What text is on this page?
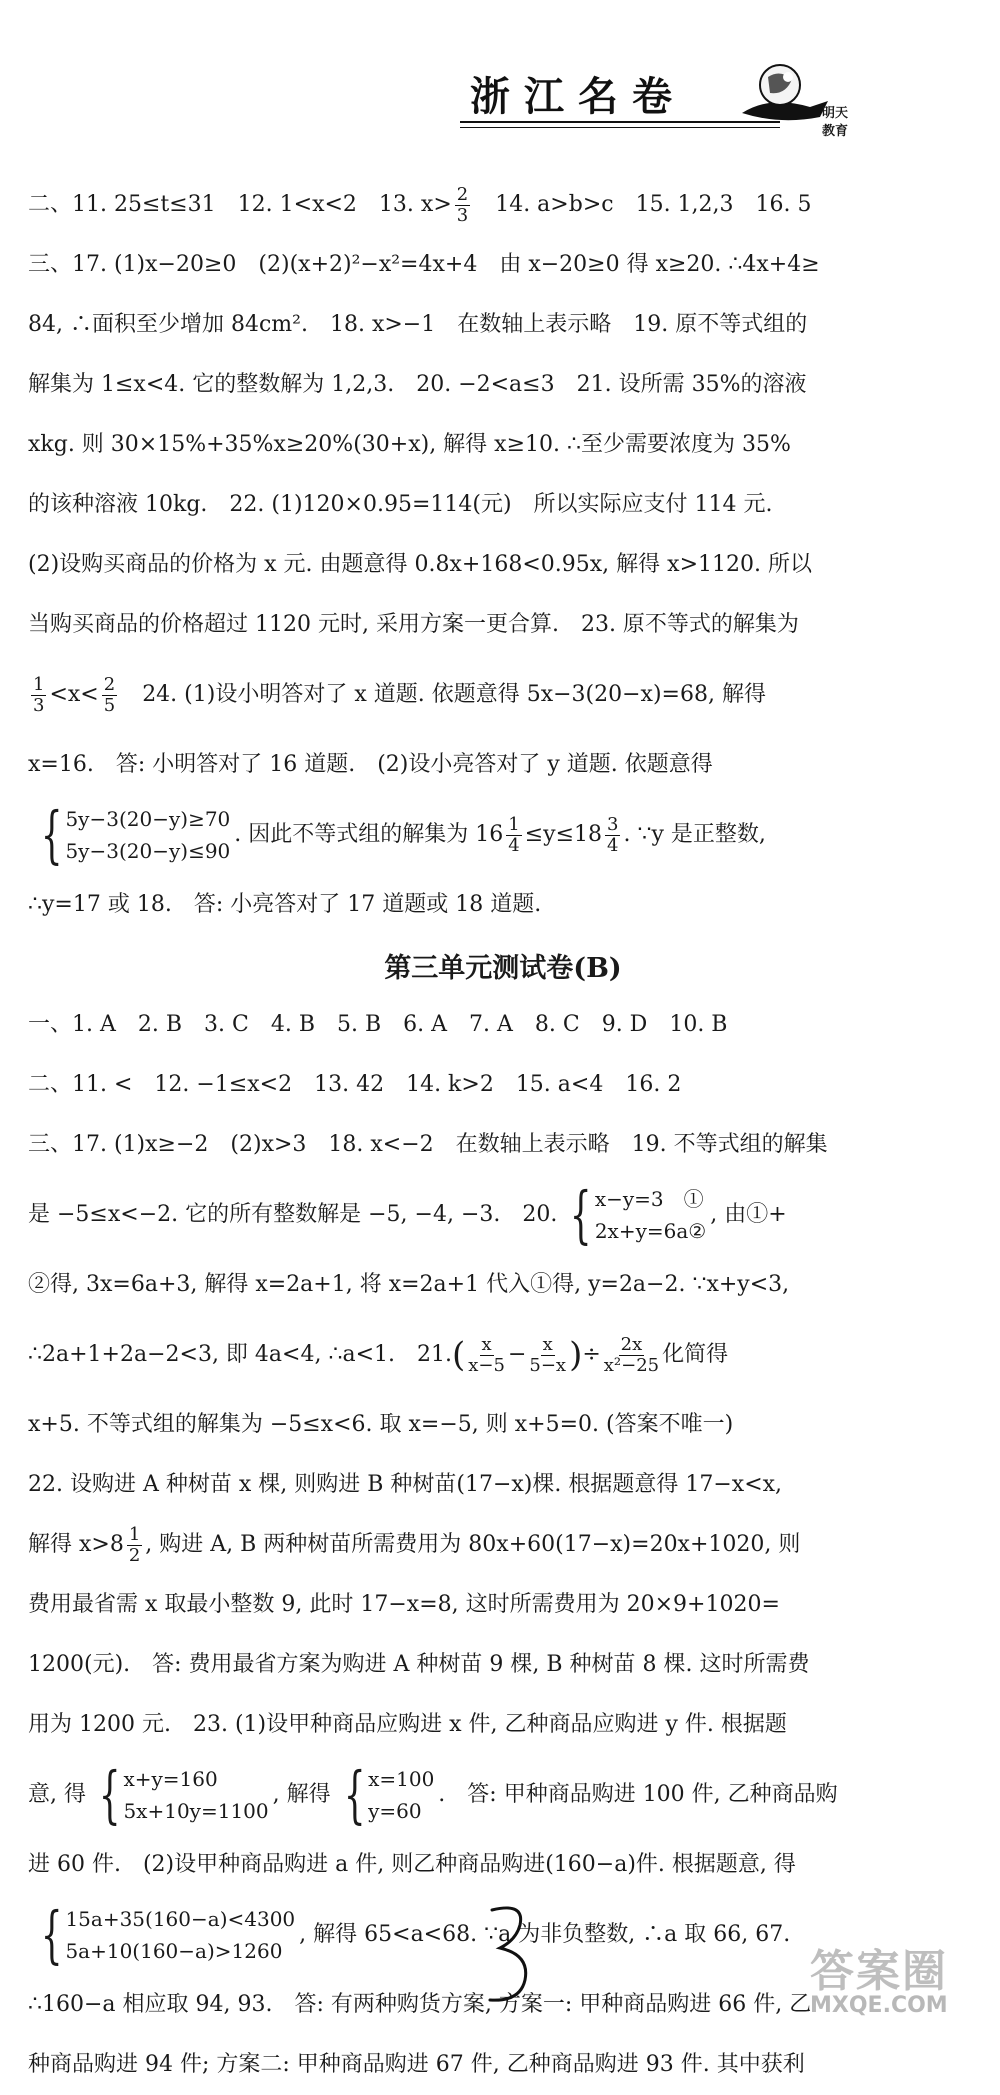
浙江名卷	明天
教育
二、11. 25≤t≤31　12. 1<x<2　13. $x> \frac{2}{3}$ 　14. a>b>c　15. 1,2,3　16. 5
三、17. (1)x−20≥0　(2)(x+2)²−x²=4x+4　由 x−20≥0 得 x≥20. ∴4x+4≥
84, ∴面积至少增加 84cm².　18. x>−1　在数轴上表示略　19. 原不等式组的
解集为 1≤x<4. 它的整数解为 1,2,3.　20. −2<a≤3　21. 设所需 35%的溶液
xkg. 则 30×15%+35%x≥20%(30+x), 解得 x≥10. ∴至少需要浓度为 35%
的该种溶液 10kg.　22. (1)120×0.95=114(元)　所以实际应支付 114 元.
(2)设购买商品的价格为 x 元. 由题意得 0.8x+168<0.95x, 解得 x>1120. 所以
当购买商品的价格超过 1120 元时, 采用方案一更合算.　23. 原不等式的解集为
$\frac{1}{3} <x< \frac{2}{5}$ 　24. (1)设小明答对了 x 道题. 依题意得 5x−3(20−x)=68, 解得
x=16.　答: 小明答对了 16 道题.　(2)设小亮答对了 y 道题. 依题意得
{ 5y−3(20−y)≥70
5y−3(20−y)≤90
. 因此不等式组的解集为 $16 \frac{1}{4} \le y\le 18 \frac{3}{4}$ . ∵y 是正整数,
∴y=17 或 18.　答: 小亮答对了 17 道题或 18 道题.
第三单元测试卷(B)
一、1. A　2. B　3. C　4. B　5. B　6. A　7. A　8. C　9. D　10. B
二、11. <　12. −1≤x<2　13. 42　14. k>2　15. a<4　16. 2
三、17. (1)x≥−2　(2)x>3　18. x<−2　在数轴上表示略　19. 不等式组的解集
是 −5≤x<−2. 它的所有整数解是 −5, −4, −3.　20. { x−y=3　①
2x+y=6a②
, 由①+
②得, 3x=6a+3, 解得 x=2a+1, 将 x=2a+1 代入①得, y=2a−2. ∵x+y<3,
∴2a+1+2a−2<3, 即 4a<4, ∴a<1.　21. ( $\frac{x}{x-5} - \frac{x}{5-x}$ ) ÷ $\frac{2x}{\text{x²−25}}$ 化简得
x+5. 不等式组的解集为 −5≤x<6. 取 x=−5, 则 x+5=0. (答案不唯一)
22. 设购进 A 种树苗 x 棵, 则购进 B 种树苗(17−x)棵. 根据题意得 17−x<x,
解得 $x>8 \frac{1}{2}$ , 购进 A, B 两种树苗所需费用为 80x+60(17−x)=20x+1020, 则
费用最省需 x 取最小整数 9, 此时 17−x=8, 这时所需费用为 20×9+1020=
1200(元).　答: 费用最省方案为购进 A 种树苗 9 棵, B 种树苗 8 棵. 这时所需费
用为 1200 元.　23. (1)设甲种商品应购进 x 件, 乙种商品应购进 y 件. 根据题
意, 得 { x+y=160
5x+10y=1100
, 解得 { x=100
y=60
.　答: 甲种商品购进 100 件, 乙种商品购
进 60 件.　(2)设甲种商品购进 a 件, 则乙种商品购进(160−a)件. 根据题意, 得
{ 15a+35(160−a)<4300
5a+10(160−a)>1260
, 解得 65<a<68. ∵a 为非负整数, ∴a 取 66, 67.
∴160−a 相应取 94, 93.　答: 有两种购货方案, 方案一: 甲种商品购进 66 件, 乙
种商品购进 94 件; 方案二: 甲种商品购进 67 件, 乙种商品购进 93 件. 其中获利
答案圈
MXQE.COM
